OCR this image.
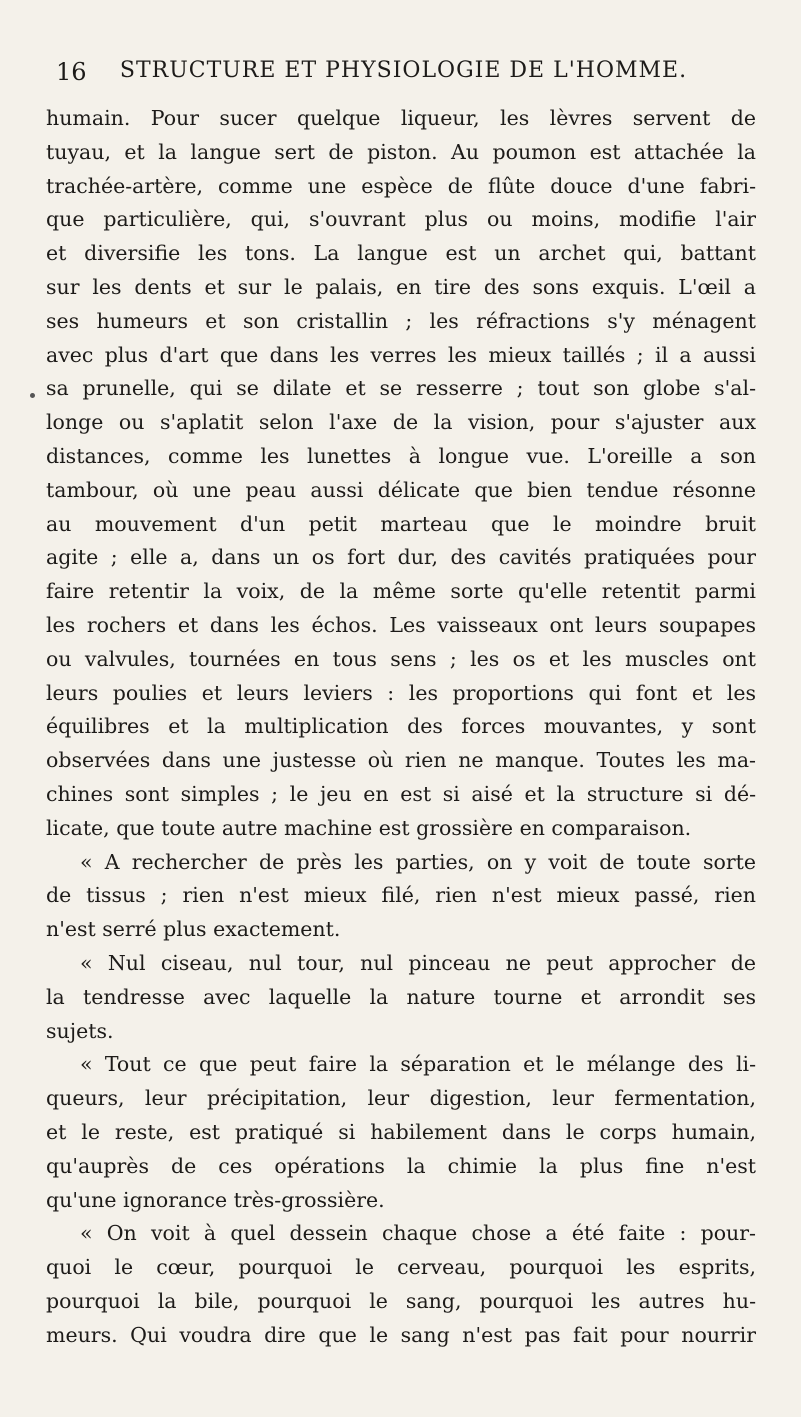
16	STRUCTURE ET PHYSIOLOGIE DE L'HOMME.
humain. Pour sucer quelque liqueur, les lèvres servent de
tuyau, et la langue sert de piston. Au poumon est attachée la
trachée-artère, comme une espèce de flûte douce d'une fabri-
que particulière, qui, s'ouvrant plus ou moins, modifie l'air
et diversifie les tons. La langue est un archet qui, battant
sur les dents et sur le palais, en tire des sons exquis. L'œil a
ses humeurs et son cristallin ; les réfractions s'y ménagent
avec plus d'art que dans les verres les mieux taillés ; il a aussi
sa prunelle, qui se dilate et se resserre ; tout son globe s'al-
longe ou s'aplatit selon l'axe de la vision, pour s'ajuster aux
distances, comme les lunettes à longue vue. L'oreille a son
tambour, où une peau aussi délicate que bien tendue résonne
au mouvement d'un petit marteau que le moindre bruit
agite ; elle a, dans un os fort dur, des cavités pratiquées pour
faire retentir la voix, de la même sorte qu'elle retentit parmi
les rochers et dans les échos. Les vaisseaux ont leurs soupapes
ou valvules, tournées en tous sens ; les os et les muscles ont
leurs poulies et leurs leviers : les proportions qui font et les
équilibres et la multiplication des forces mouvantes, y sont
observées dans une justesse où rien ne manque. Toutes les ma-
chines sont simples ; le jeu en est si aisé et la structure si dé-
licate, que toute autre machine est grossière en comparaison.
« A rechercher de près les parties, on y voit de toute sorte
de tissus ; rien n'est mieux filé, rien n'est mieux passé, rien
n'est serré plus exactement.
« Nul ciseau, nul tour, nul pinceau ne peut approcher de
la tendresse avec laquelle la nature tourne et arrondit ses
sujets.
« Tout ce que peut faire la séparation et le mélange des li-
queurs, leur précipitation, leur digestion, leur fermentation,
et le reste, est pratiqué si habilement dans le corps humain,
qu'auprès de ces opérations la chimie la plus fine n'est
qu'une ignorance très-grossière.
« On voit à quel dessein chaque chose a été faite : pour-
quoi le cœur, pourquoi le cerveau, pourquoi les esprits,
pourquoi la bile, pourquoi le sang, pourquoi les autres hu-
meurs. Qui voudra dire que le sang n'est pas fait pour nourrir
